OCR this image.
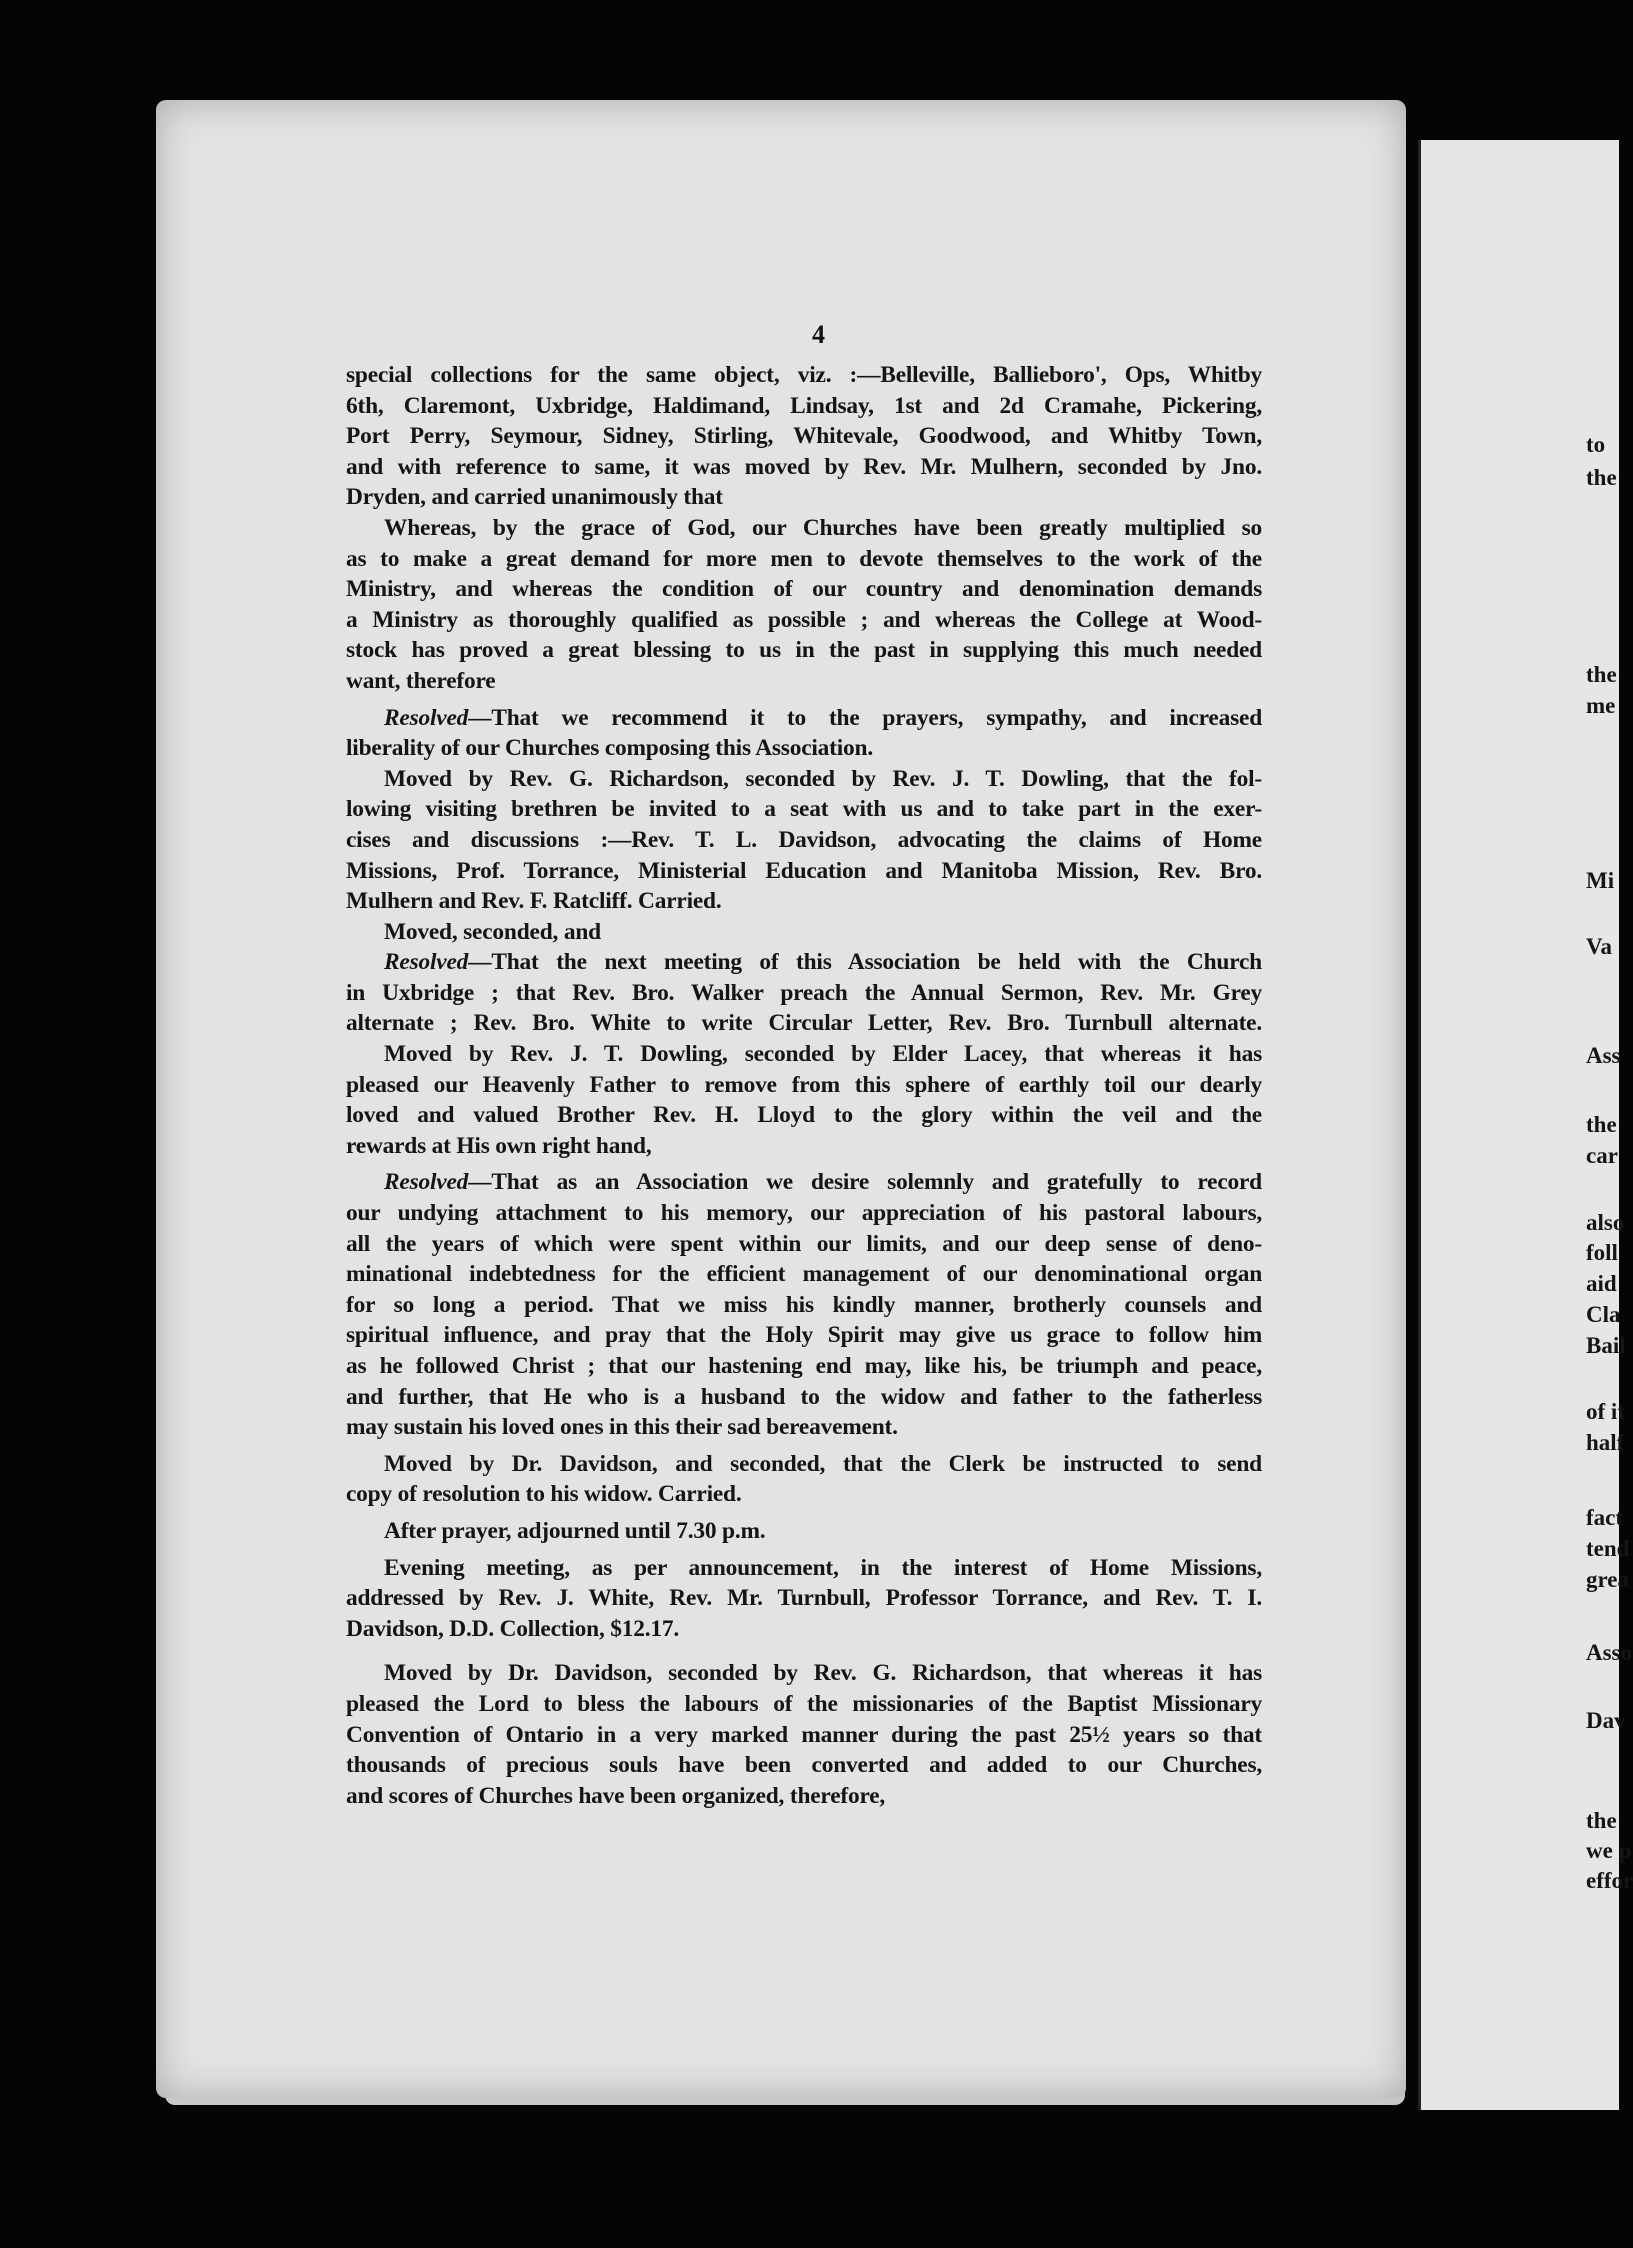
4

special collections for the same object, viz. :—Belleville, Ballieboro', Ops, Whitby
6th, Claremont, Uxbridge, Haldimand, Lindsay, 1st and 2d Cramahe, Pickering,
Port Perry, Seymour, Sidney, Stirling, Whitevale, Goodwood, and Whitby Town,
and with reference to same, it was moved by Rev. Mr. Mulhern, seconded by Jno.
Dryden, and carried unanimously that

Whereas, by the grace of God, our Churches have been greatly multiplied so
as to make a great demand for more men to devote themselves to the work of the
Ministry, and whereas the condition of our country and denomination demands
a Ministry as thoroughly qualified as possible ; and whereas the College at Wood-
stock has proved a great blessing to us in the past in supplying this much needed
want, therefore

Resolved—That we recommend it to the prayers, sympathy, and increased
liberality of our Churches composing this Association.

Moved by Rev. G. Richardson, seconded by Rev. J. T. Dowling, that the fol-
lowing visiting brethren be invited to a seat with us and to take part in the exer-
cises and discussions :—Rev. T. L. Davidson, advocating the claims of Home
Missions, Prof. Torrance, Ministerial Education and Manitoba Mission, Rev. Bro.
Mulhern and Rev. F. Ratcliff. Carried.

Moved, seconded, and

Resolved—That the next meeting of this Association be held with the Church
in Uxbridge ; that Rev. Bro. Walker preach the Annual Sermon, Rev. Mr. Grey
alternate ; Rev. Bro. White to write Circular Letter, Rev. Bro. Turnbull alternate.

Moved by Rev. J. T. Dowling, seconded by Elder Lacey, that whereas it has
pleased our Heavenly Father to remove from this sphere of earthly toil our dearly
loved and valued Brother Rev. H. Lloyd to the glory within the veil and the
rewards at His own right hand,

Resolved—That as an Association we desire solemnly and gratefully to record
our undying attachment to his memory, our appreciation of his pastoral labours,
all the years of which were spent within our limits, and our deep sense of deno-
minational indebtedness for the efficient management of our denominational organ
for so long a period. That we miss his kindly manner, brotherly counsels and
spiritual influence, and pray that the Holy Spirit may give us grace to follow him
as he followed Christ ; that our hastening end may, like his, be triumph and peace,
and further, that He who is a husband to the widow and father to the fatherless
may sustain his loved ones in this their sad bereavement.

Moved by Dr. Davidson, and seconded, that the Clerk be instructed to send
copy of resolution to his widow. Carried.

After prayer, adjourned until 7.30 p.m.

Evening meeting, as per announcement, in the interest of Home Missions,
addressed by Rev. J. White, Rev. Mr. Turnbull, Professor Torrance, and Rev. T. I.
Davidson, D.D. Collection, $12.17.

Moved by Dr. Davidson, seconded by Rev. G. Richardson, that whereas it has
pleased the Lord to bless the labours of the missionaries of the Baptist Missionary
Convention of Ontario in a very marked manner during the past 25½ years so that
thousands of precious souls have been converted and added to our Churches,
and scores of Churches have been organized, therefore,

to
the
the
me
Mi
Va
Ass
the
car
also
foll
aid
Cla
Bail
of it
half
fact
tend
grea
Asso
Dav
the
we p
effor
